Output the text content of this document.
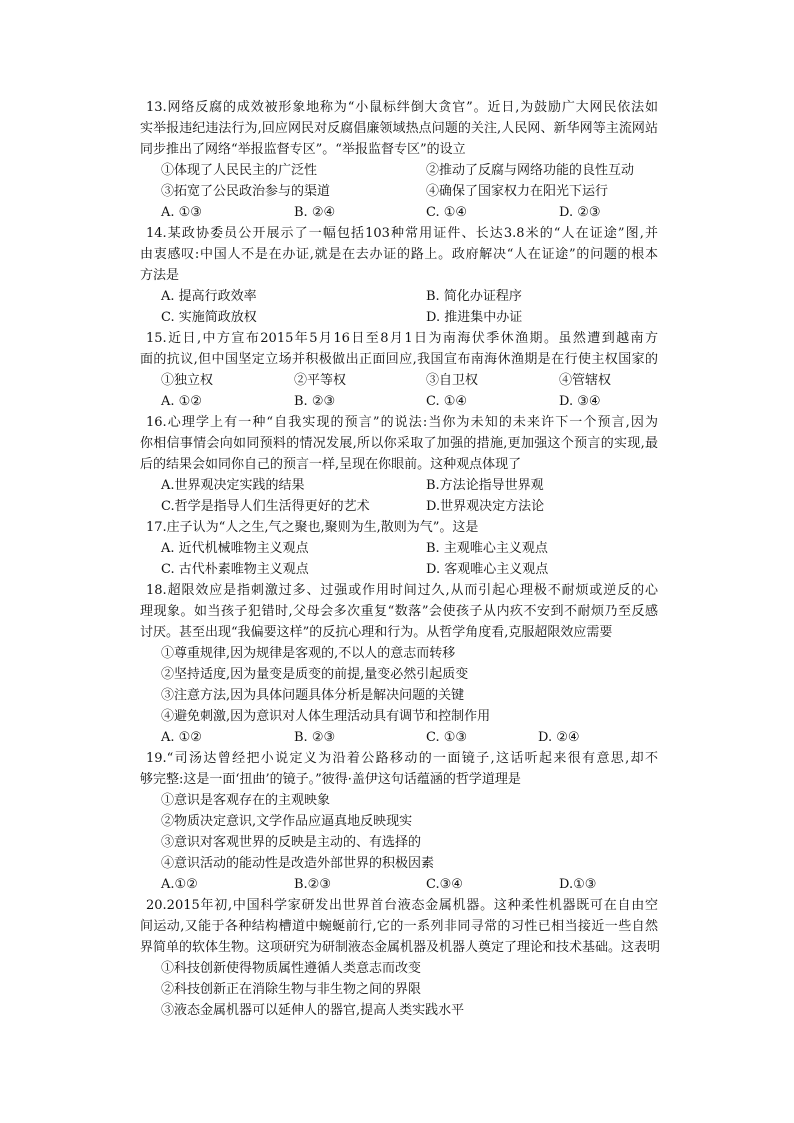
13.网络反腐的成效被形象地称为“小鼠标绊倒大贪官”。近日,为鼓励广大网民依法如
实举报违纪违法行为,回应网民对反腐倡廉领域热点问题的关注,人民网、新华网等主流网站
同步推出了网络“举报监督专区”。“举报监督专区”的设立
①体现了人民民主的广泛性	②推动了反腐与网络功能的良性互动
③拓宽了公民政治参与的渠道	④确保了国家权力在阳光下运行
A. ①③	B. ②④	C. ①④	D. ②③
14.某政协委员公开展示了一幅包括103种常用证件、长达3.8米的“人在证途”图,并
由衷感叹:中国人不是在办证,就是在去办证的路上。政府解决“人在证途”的问题的根本
方法是
A. 提高行政效率	B. 简化办证程序
C. 实施简政放权	D. 推进集中办证
15.近日,中方宣布2015年5月16日至8月1日为南海伏季休渔期。虽然遭到越南方
面的抗议,但中国坚定立场并积极做出正面回应,我国宣布南海休渔期是在行使主权国家的
①独立权	②平等权	③自卫权	④管辖权
A. ①②	B. ②③	C. ①④	D. ③④
16.心理学上有一种“自我实现的预言”的说法:当你为未知的未来许下一个预言,因为
你相信事情会向如同预料的情况发展,所以你采取了加强的措施,更加强这个预言的实现,最
后的结果会如同你自己的预言一样,呈现在你眼前。这种观点体现了
A.世界观决定实践的结果	B.方法论指导世界观
C.哲学是指导人们生活得更好的艺术	D.世界观决定方法论
17.庄子认为“人之生,气之聚也,聚则为生,散则为气”。这是
A. 近代机械唯物主义观点	B. 主观唯心主义观点
C. 古代朴素唯物主义观点	D. 客观唯心主义观点
18.超限效应是指刺激过多、过强或作用时间过久,从而引起心理极不耐烦或逆反的心
理现象。如当孩子犯错时,父母会多次重复“数落”会使孩子从内疚不安到不耐烦乃至反感
讨厌。甚至出现“我偏要这样”的反抗心理和行为。从哲学角度看,克服超限效应需要
①尊重规律,因为规律是客观的,不以人的意志而转移
②坚持适度,因为量变是质变的前提,量变必然引起质变
③注意方法,因为具体问题具体分析是解决问题的关键
④避免刺激,因为意识对人体生理活动具有调节和控制作用
A. ①②	B. ②③	C. ①③	D. ②④
19.“司汤达曾经把小说定义为沿着公路移动的一面镜子,这话听起来很有意思,却不
够完整:这是一面‘扭曲’的镜子。”彼得·盖伊这句话蕴涵的哲学道理是
①意识是客观存在的主观映象
②物质决定意识,文学作品应逼真地反映现实
③意识对客观世界的反映是主动的、有选择的
④意识活动的能动性是改造外部世界的积极因素
A.①②	B.②③	C.③④	D.①③
20.2015年初,中国科学家研发出世界首台液态金属机器。这种柔性机器既可在自由空
间运动,又能于各种结构槽道中蜿蜒前行,它的一系列非同寻常的习性已相当接近一些自然
界简单的软体生物。这项研究为研制液态金属机器及机器人奠定了理论和技术基础。这表明
①科技创新使得物质属性遵循人类意志而改变
②科技创新正在消除生物与非生物之间的界限
③液态金属机器可以延伸人的器官,提高人类实践水平
